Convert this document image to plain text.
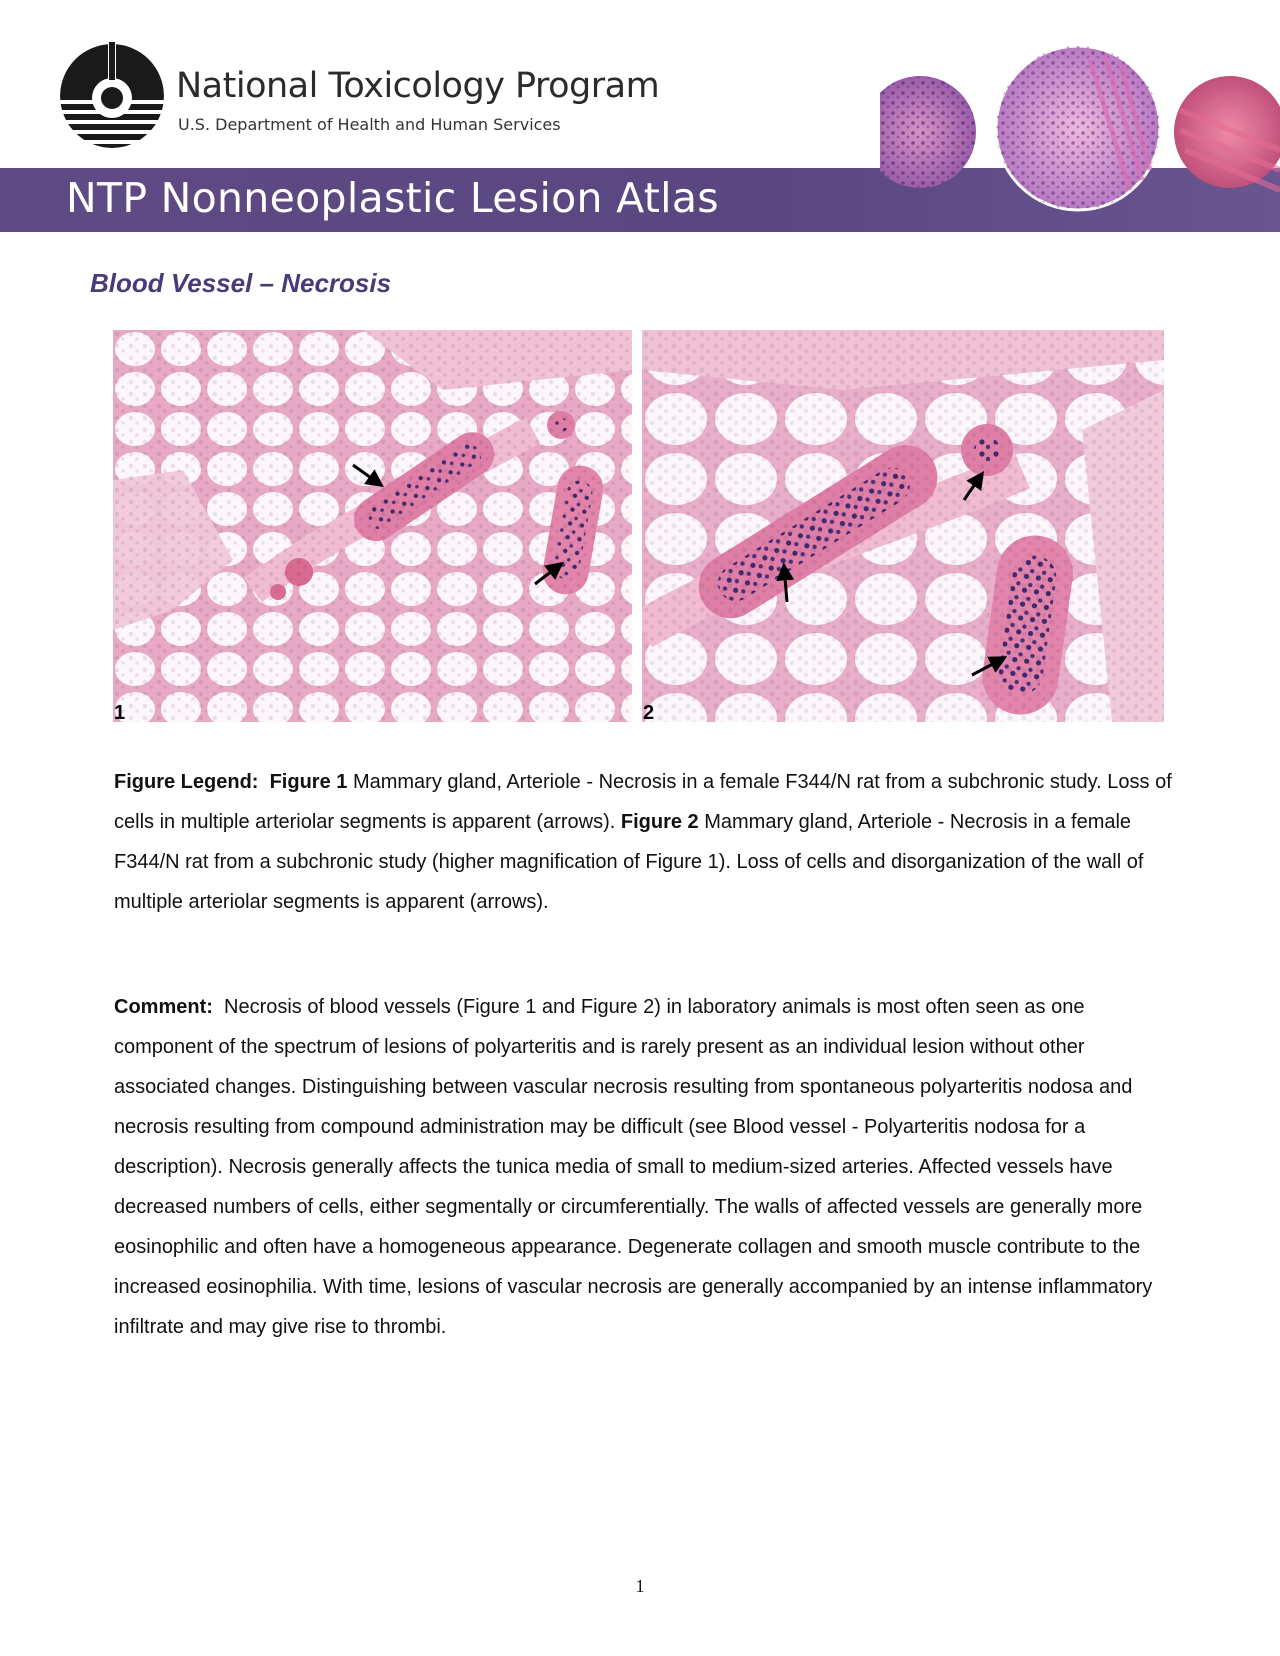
National Toxicology Program
U.S. Department of Health and Human Services
NTP Nonneoplastic Lesion Atlas
Blood Vessel – Necrosis
1	2
Figure Legend: Figure 1 Mammary gland, Arteriole - Necrosis in a female F344/N rat from a subchronic study. Loss of cells in multiple arteriolar segments is apparent (arrows). Figure 2 Mammary gland, Arteriole - Necrosis in a female F344/N rat from a subchronic study (higher magnification of Figure 1). Loss of cells and disorganization of the wall of multiple arteriolar segments is apparent (arrows).
Comment: Necrosis of blood vessels (Figure 1 and Figure 2) in laboratory animals is most often seen as one component of the spectrum of lesions of polyarteritis and is rarely present as an individual lesion without other associated changes. Distinguishing between vascular necrosis resulting from spontaneous polyarteritis nodosa and necrosis resulting from compound administration may be difficult (see Blood vessel - Polyarteritis nodosa for a description). Necrosis generally affects the tunica media of small to medium-sized arteries. Affected vessels have decreased numbers of cells, either segmentally or circumferentially. The walls of affected vessels are generally more eosinophilic and often have a homogeneous appearance. Degenerate collagen and smooth muscle contribute to the increased eosinophilia. With time, lesions of vascular necrosis are generally accompanied by an intense inflammatory infiltrate and may give rise to thrombi.
1
